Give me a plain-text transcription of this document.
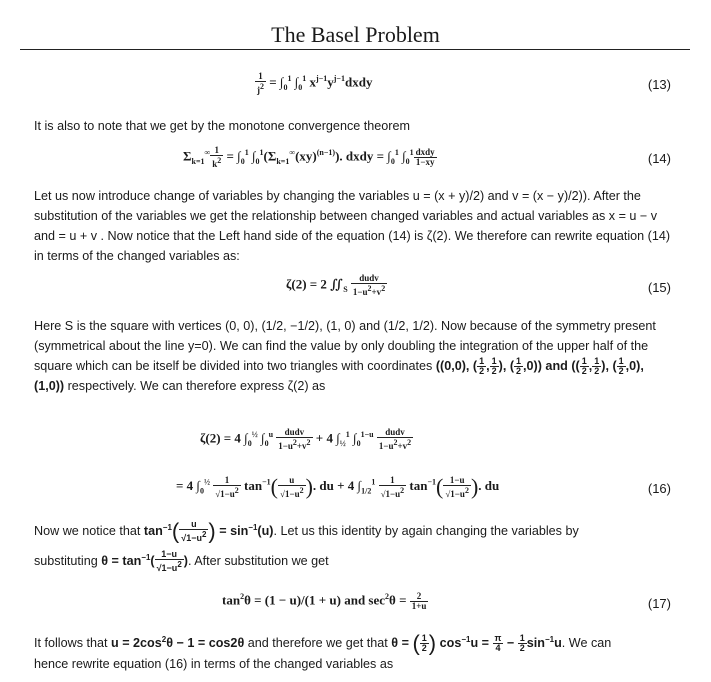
The Basel Problem
$\frac{1}{j^2} = \int_0^1$ $\int_0^1$ $x^{j-1}y^{j-1}dxdy$	(13)
It is also to note that we get by the monotone convergence theorem
$\Sigma_{k=1}^\infty \frac{1}{k^2} = \int_0^1$ $\int_0^1(\Sigma_{k=1}^\infty(xy)^{(n-1)})$. dxdy = $\int_0^1$ $\int_0^1 \frac{\text{dxdy}}{1-xy}$	(14)
Let us now introduce change of variables by changing the variables u = (x + y)/2) and v = (x − y)/2)). After the substitution of the variables we get the relationship between changed variables and actual variables as x = u − v and = u + v . Now notice that the Left hand side of the equation (14) is ζ(2). We therefore can rewrite equation (14) in terms of the changed variables as:
ζ(2) = 2 $∬_S \frac{\text{dudv}}{1-u^2+v^2}$	(15)
Here S is the square with vertices (0, 0), (1/2, −1/2), (1, 0) and (1/2, 1/2). Now because of the symmetry present (symmetrical about the line y=0). We can find the value by only doubling the integration of the upper half of the square which can be itself be divided into two triangles with coordinates ((0,0), ( $\frac{1}{2}$ , $\frac{1}{2}$ ), ( $\frac{1}{2} ,0$)) and (( $\frac{1}{2}$ , $\frac{1}{2}$ ), ( $\frac{1}{2} ,0$), (1,0)) respectively. We can therefore express ζ(2) as
ζ(2) = 4 $\int_0^{\frac{1}{2}}$ $\int_0^u \frac{\text{dudv}}{1-u^2+v^2} + 4$ $\int_{\frac{1}{2}}^1$ $\int_0^{1-u} \frac{\text{dudv}}{1-u^2+v^2}$
= 4 $\int_0^{\frac{1}{2}} \frac{1}{√1-u^2} \tan^{-1}( \frac{u}{√1-u^2}$ ). du + 4 $\int_{1/2}^1 \frac{1}{√1-u^2} \tan^{-1}( \frac{1-u}{√1-u^2}$ ). du	(16)
Now we notice that $\tan^{-1}( \frac{u}{√1-u^2}$ ) = $\sin^{-1}(u)$. Let us this identity by again changing the variables by
substituting $\theta = \tan^{-1}( \frac{1-u}{√1-u^2}$ ). After substitution we get
$\tan^2\theta = (1 - u)/(1 + u)$ and $\sec^2\theta = \frac{2}{1+u}$	(17)
It follows that $u = 2\cos^2\theta - 1 = \cos 2\theta$ and therefore we get that θ = ( $\frac{1}{2}$ ) $\cos^{-1}u = \frac{\pi}{4} - \frac{1}{2} \sin^{-1}u$. We can
hence rewrite equation (16) in terms of the changed variables as
